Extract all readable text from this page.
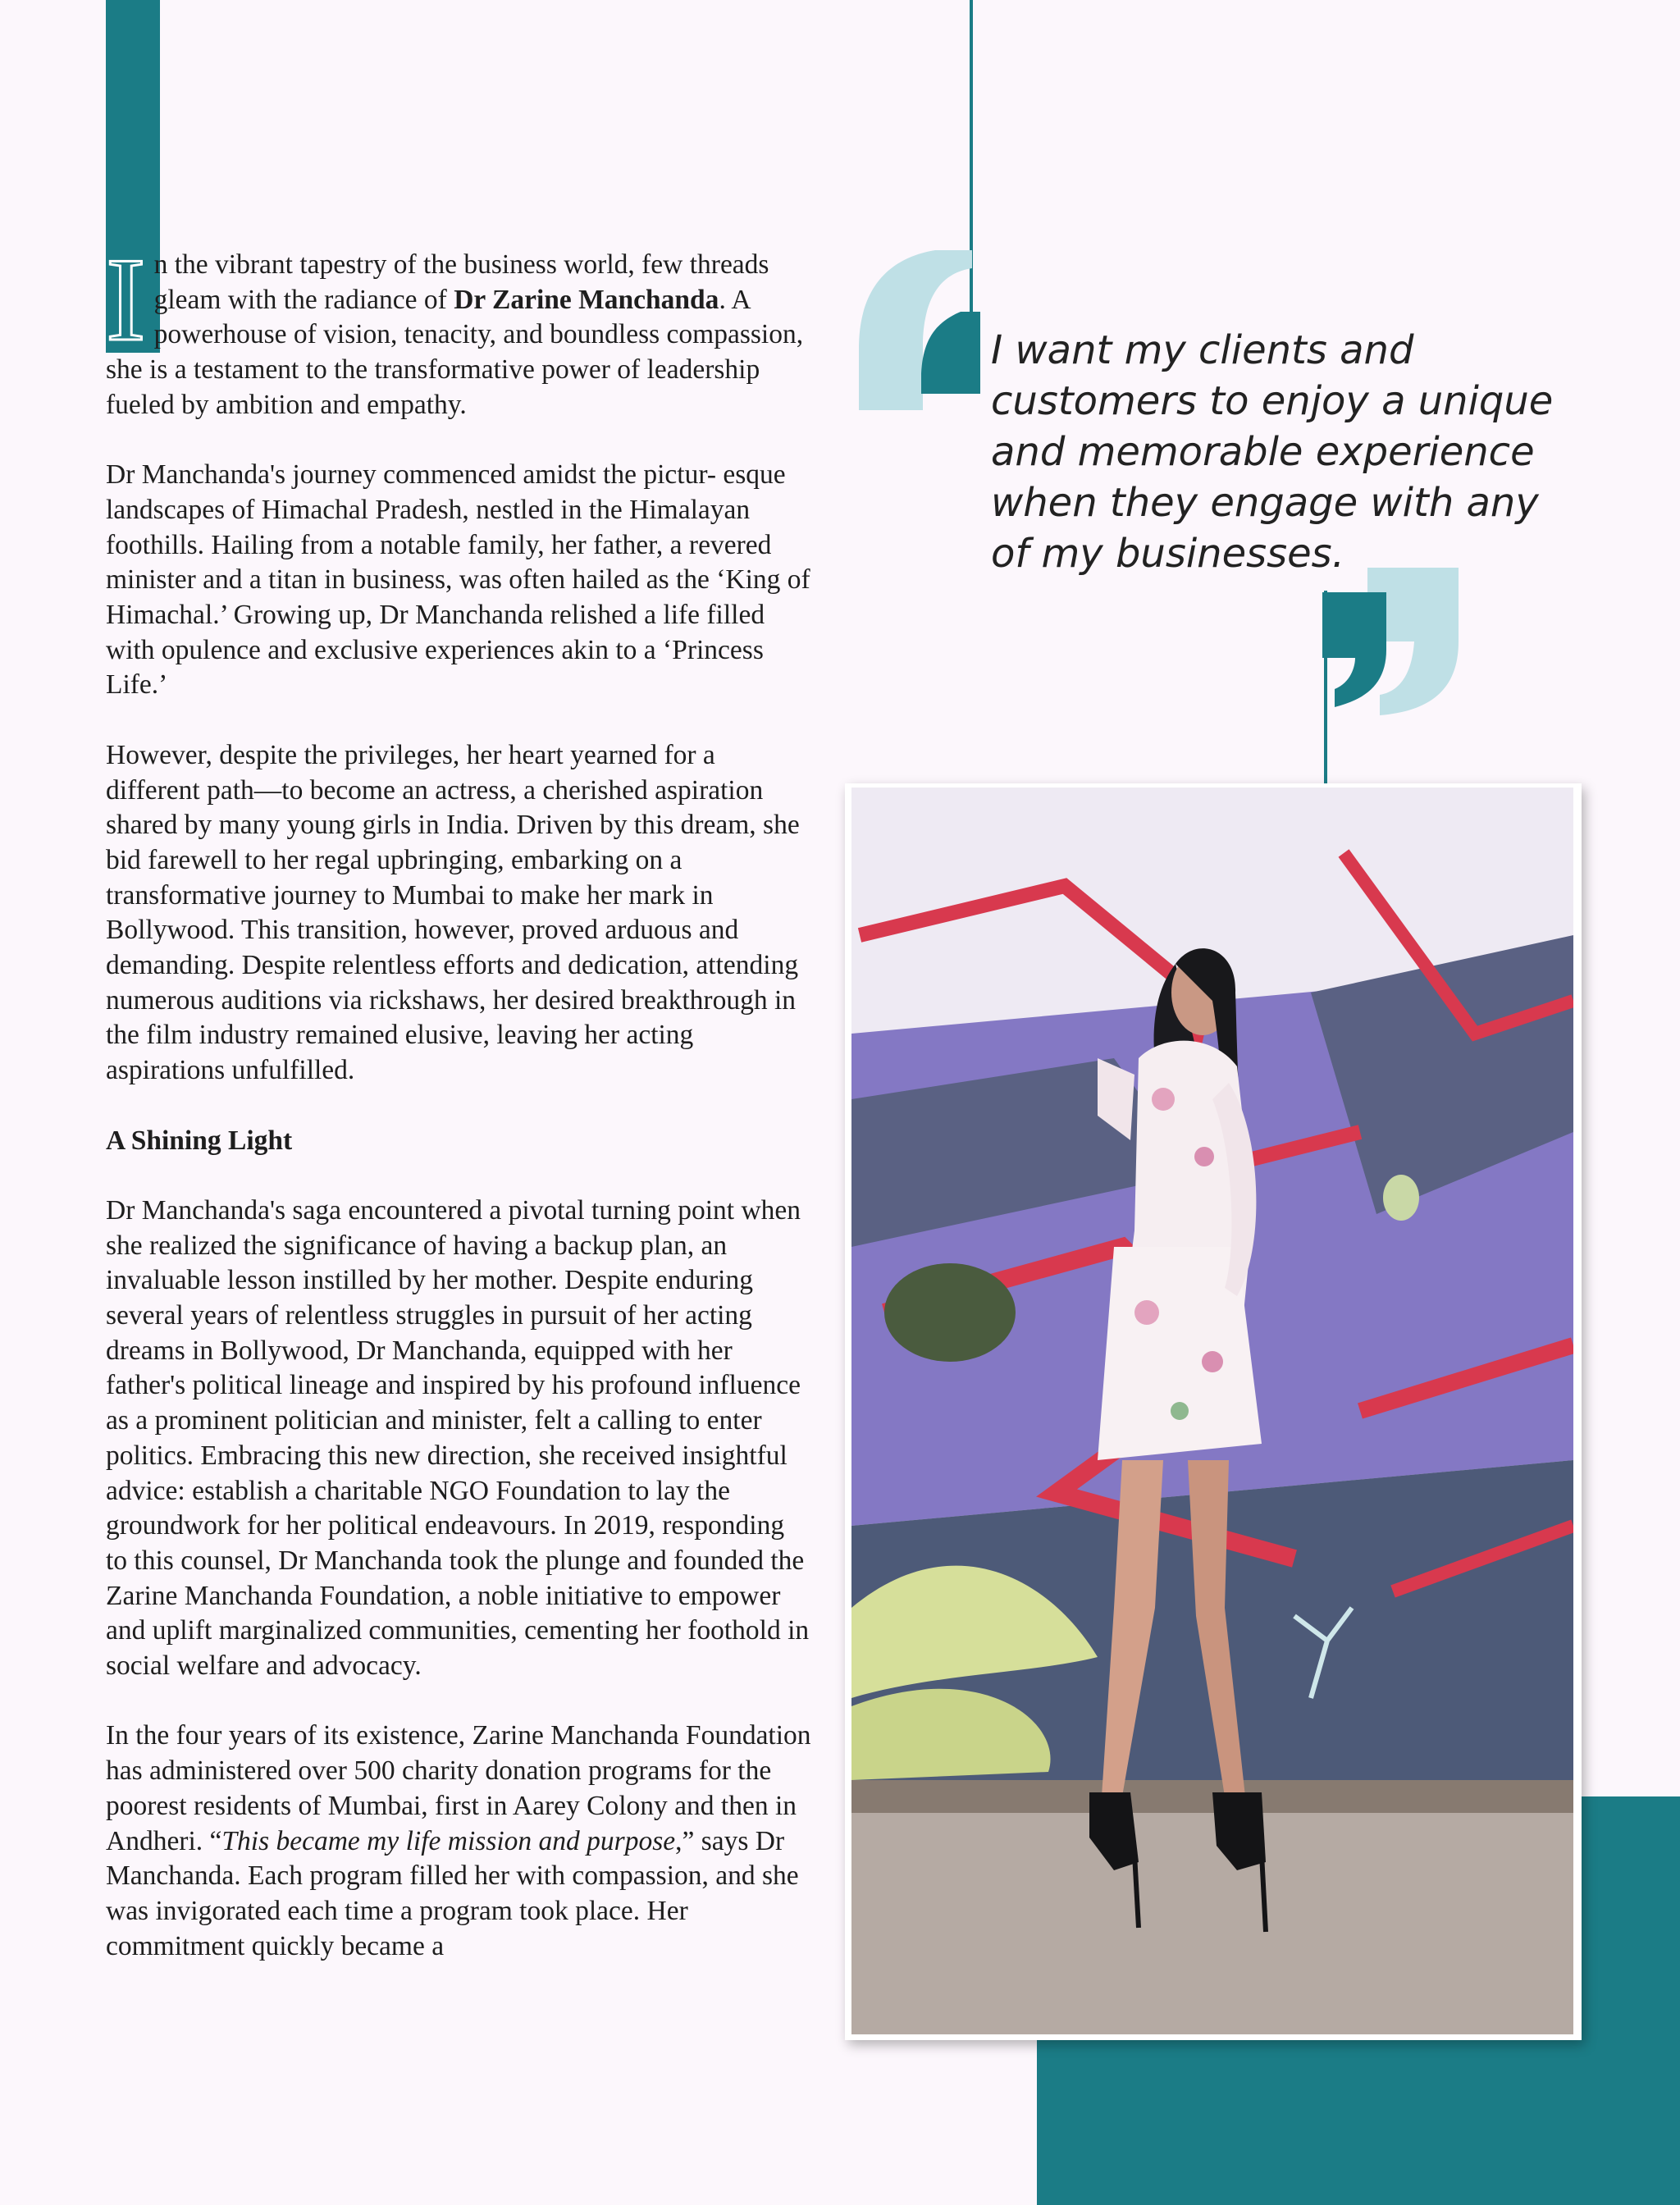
In the vibrant tapestry of the business world, few threads gleam with the radiance of Dr Zarine Manchanda. A powerhouse of vision, tenacity, and boundless compassion, she is a testament to the transformative power of leadership fueled by ambition and empathy.

Dr Manchanda's journey commenced amidst the pictur- esque landscapes of Himachal Pradesh, nestled in the Himalayan foothills. Hailing from a notable family, her father, a revered minister and a titan in business, was often hailed as the ‘King of Himachal.’ Growing up, Dr Manchanda relished a life filled with opulence and exclusive experiences akin to a ‘Princess Life.’

However, despite the privileges, her heart yearned for a different path—to become an actress, a cherished aspiration shared by many young girls in India. Driven by this dream, she bid farewell to her regal upbringing, embarking on a transformative journey to Mumbai to make her mark in Bollywood. This transition, however, proved arduous and demanding. Despite relentless efforts and dedication, attending numerous auditions via rickshaws, her desired breakthrough in the film industry remained elusive, leaving her acting aspirations unfulfilled.

A Shining Light

Dr Manchanda's saga encountered a pivotal turning point when she realized the significance of having a backup plan, an invaluable lesson instilled by her mother. Despite enduring several years of relentless struggles in pursuit of her acting dreams in Bollywood, Dr Manchanda, equipped with her father's political lineage and inspired by his profound influence as a prominent politician and minister, felt a calling to enter politics. Embracing this new direction, she received insightful advice: establish a charitable NGO Foundation to lay the groundwork for her political endeavours. In 2019, responding to this counsel, Dr Manchanda took the plunge and founded the Zarine Manchanda Foundation, a noble initiative to empower and uplift marginalized communities, cementing her foothold in social welfare and advocacy.

In the four years of its existence, Zarine Manchanda Foundation has administered over 500 charity donation programs for the poorest residents of Mumbai, first in Aarey Colony and then in Andheri. “This became my life mission and purpose,” says Dr Manchanda. Each program filled her with compassion, and she was invigorated each time a program took place. Her commitment quickly became a

I want my clients and customers to enjoy a unique and memorable experience when they engage with any of my businesses.
